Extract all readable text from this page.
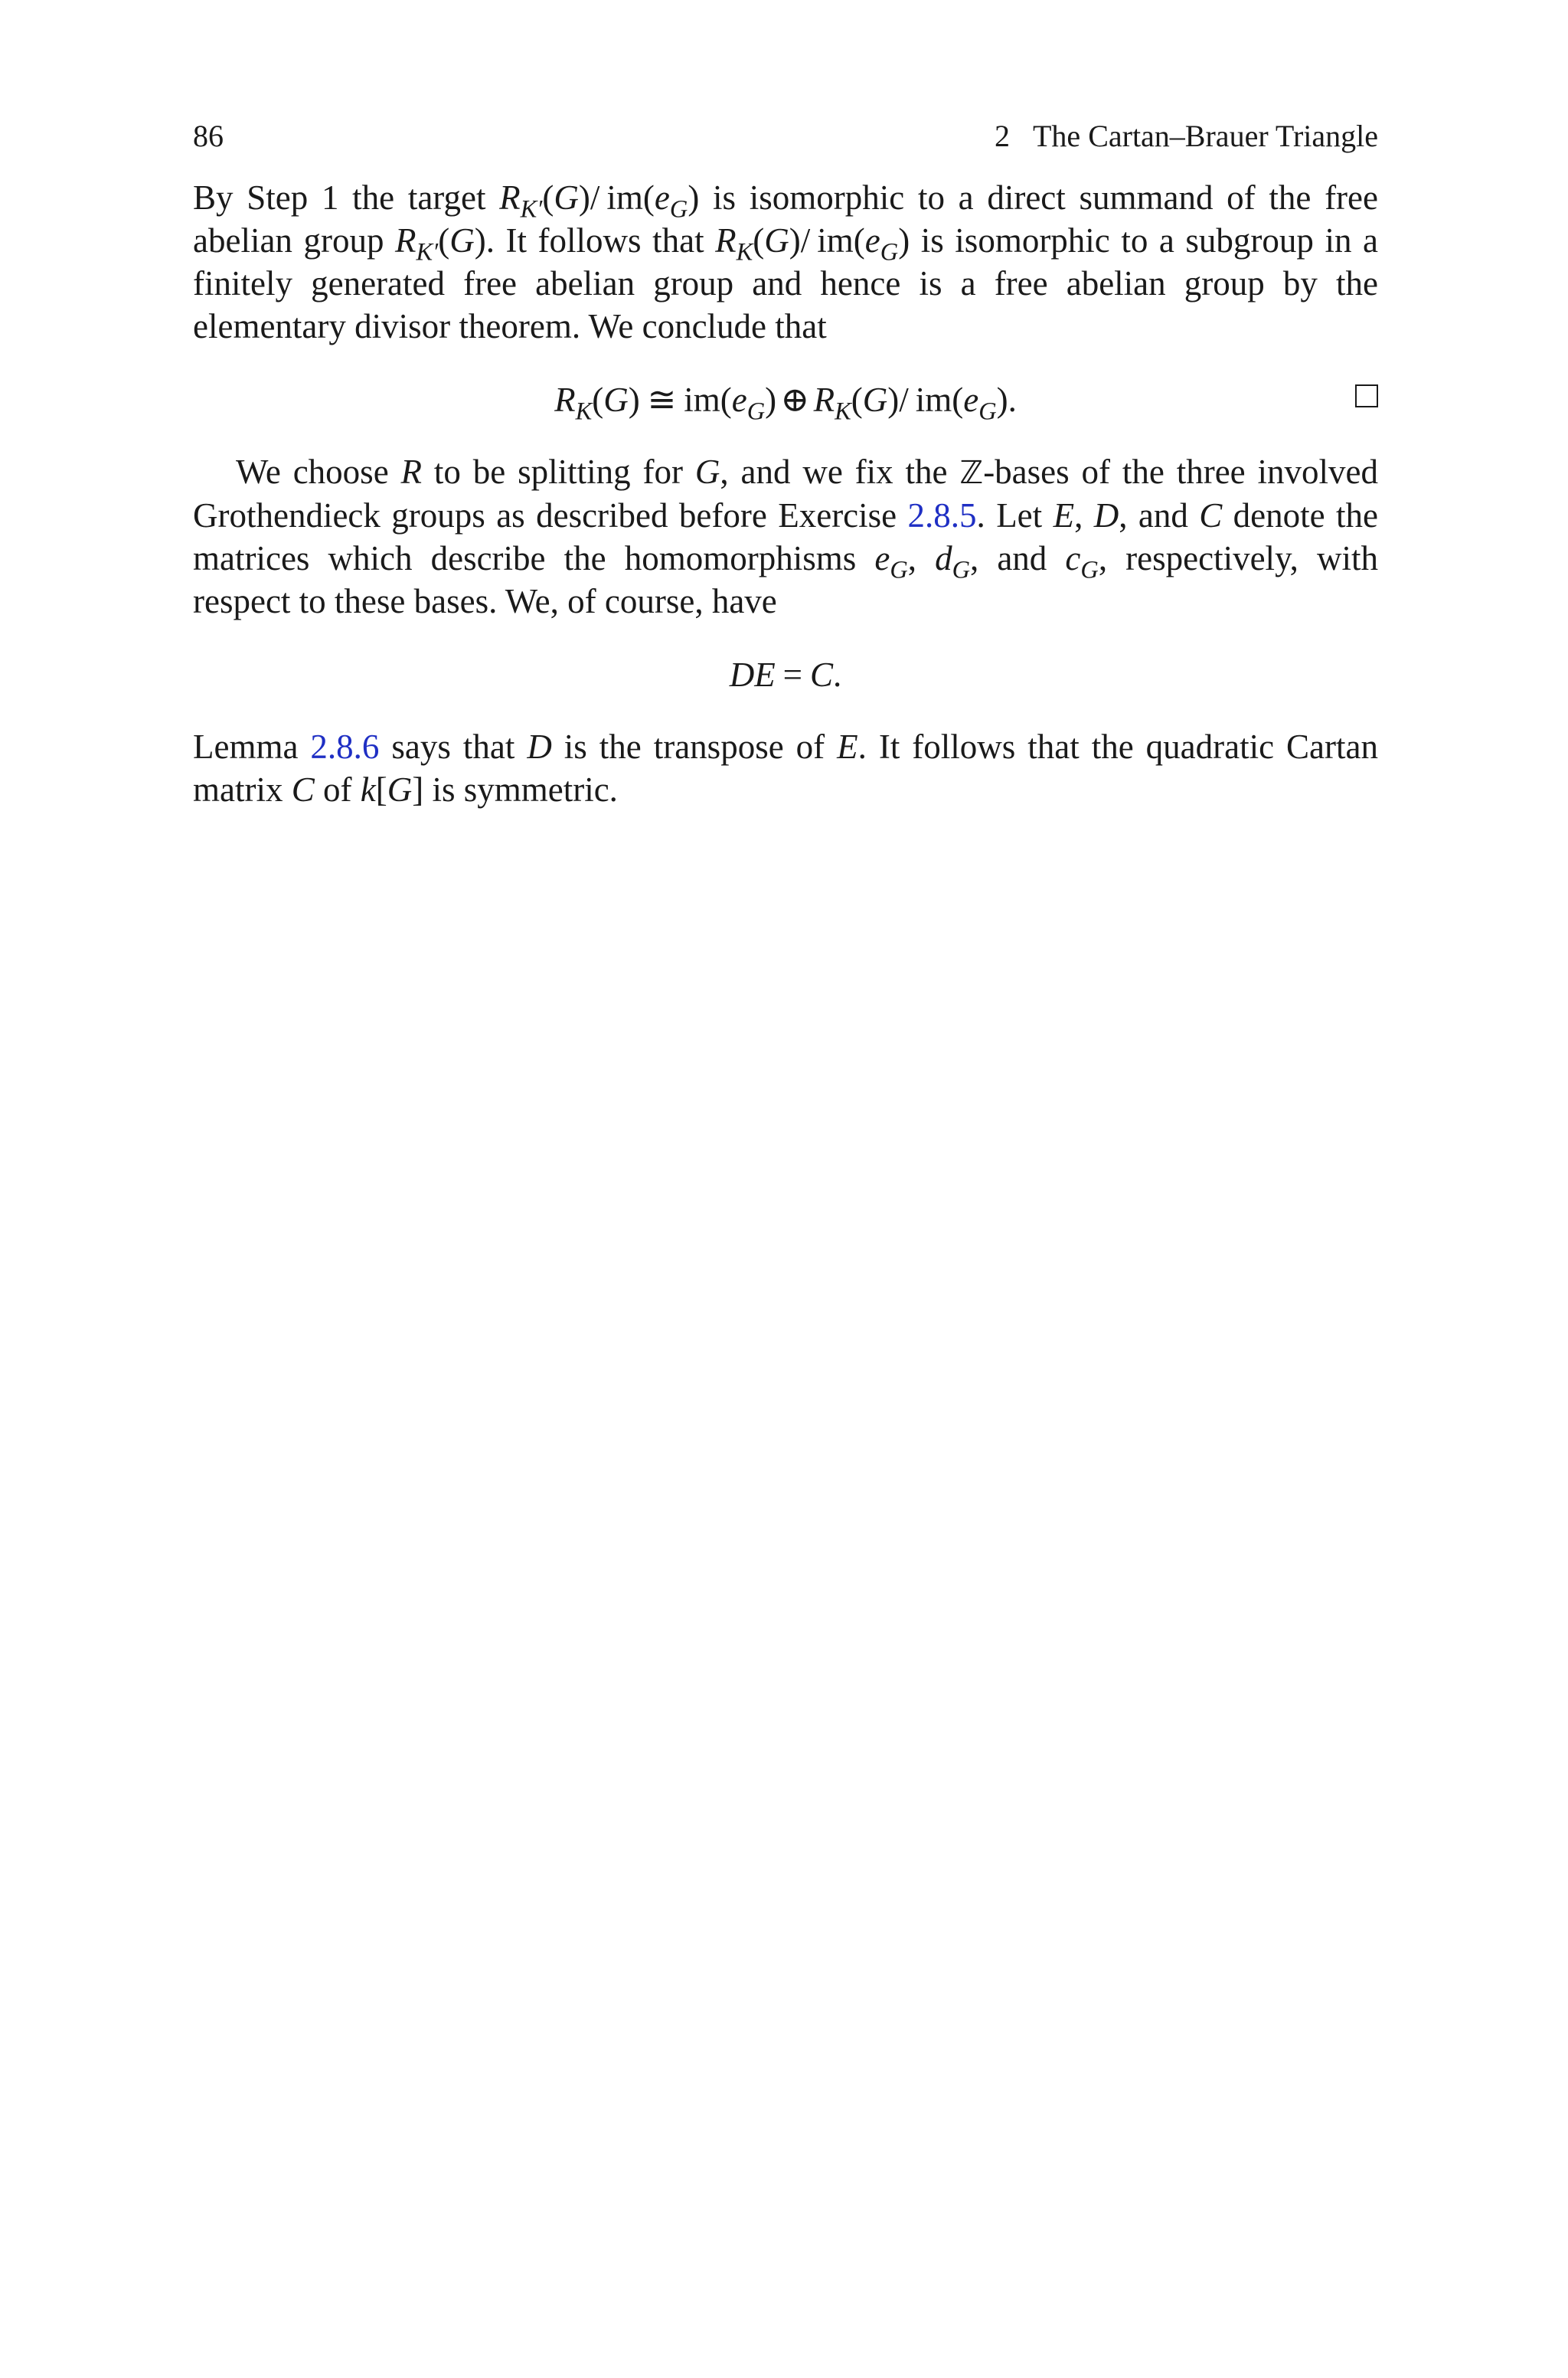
86	2 The Cartan–Brauer Triangle

By Step 1 the target $R_{K'}(G)/$  $im(e_G)$ is isomorphic to a direct summand of the free abelian group $R_{K'}(G)$. It follows that $R_K(G)/$  $im(e_G)$ is isomorphic to a subgroup in a finitely generated free abelian group and hence is a free abelian group by the elementary divisor theorem. We conclude that

$R_K(G)$ ≅ $im(e_G)$ ⊕ $R_K(G)/$  $im(e_G)$.

We choose R to be splitting for G, and we fix the ℤ-bases of the three involved Grothendieck groups as described before Exercise 2.8.5. Let E, D, and C denote the matrices which describe the homomorphisms $e_G$, $d_G$, and $c_G$, respectively, with respect to these bases. We, of course, have

DE = C.

Lemma 2.8.6 says that D is the transpose of E. It follows that the quadratic Cartan matrix C of k[G] is symmetric.
